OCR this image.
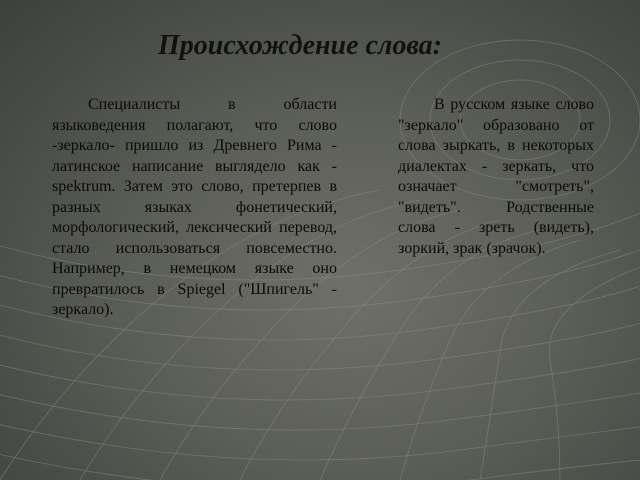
Происхождение слова:

Специалисты в области языковедения полагают, что слово -зеркало- пришло из Древнего Рима - латинское написание выглядело как - spektrum. Затем это слово, претерпев в разных языках фонетический, морфологический, лексический перевод, стало использоваться повсеместно. Например, в немецком языке оно превратилось в Spiegel ("Шпигель" - зеркало).

В русском языке слово "зеркало" образовано от слова зыркать, в некоторых диалектах - зеркать, что означает "смотреть", "видеть". Родственные слова - зреть (видеть), зоркий, зрак (зрачок).
